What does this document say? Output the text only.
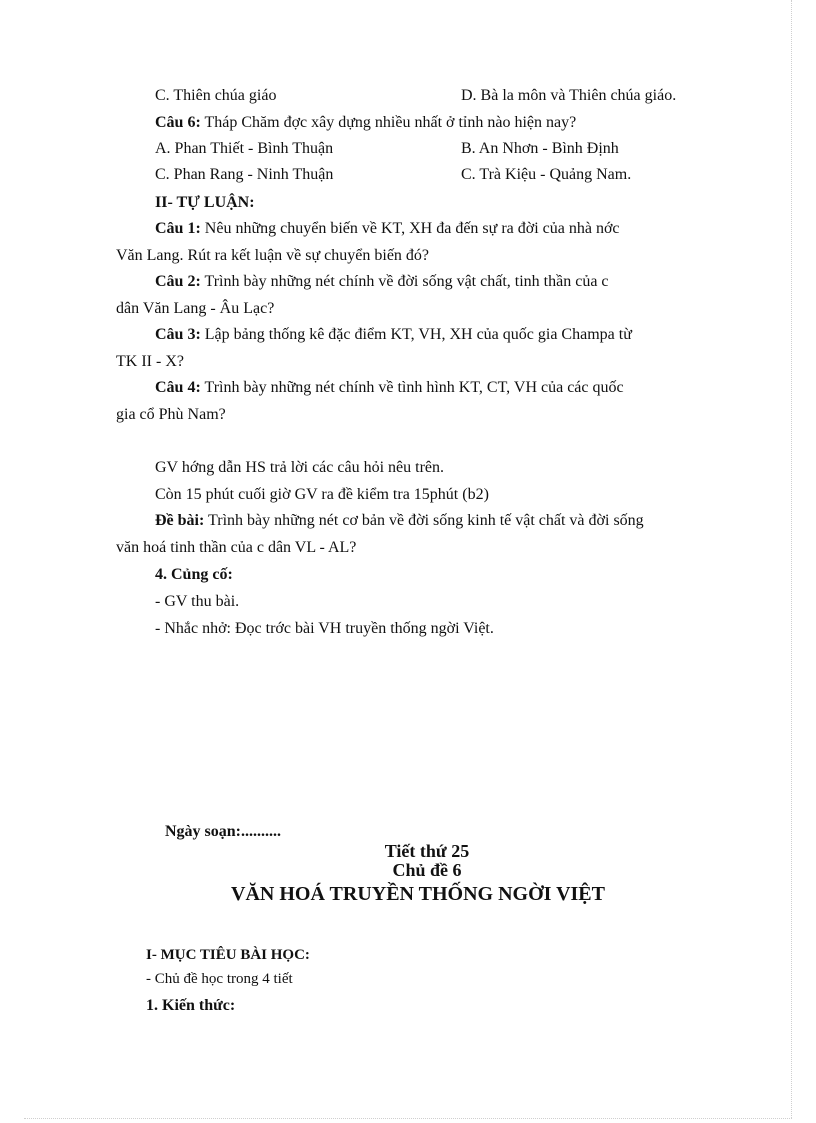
C. Thiên chúa giáo	D. Bà la môn và Thiên chúa giáo.
Câu 6: Tháp Chăm đợc xây dựng nhiều nhất ở tỉnh nào hiện nay?
A. Phan Thiết - Bình Thuận	B. An Nhơn - Bình Định
C. Phan Rang - Ninh Thuận	C. Trà Kiệu - Quảng Nam.
II- TỰ LUẬN:
Câu 1: Nêu những chuyển biến về KT, XH đa đến sự ra đời của nhà nớc
Văn Lang. Rút ra kết luận về sự chuyển biến đó?
Câu 2: Trình bày những nét chính về đời sống vật chất, tinh thần của c
dân Văn Lang - Âu Lạc?
Câu 3: Lập bảng thống kê đặc điểm KT, VH, XH của quốc gia Champa từ
TK II - X?
Câu 4: Trình bày những nét chính về tình hình KT, CT, VH của các quốc
gia cổ Phù Nam?
GV hớng dẫn HS trả lời các câu hỏi nêu trên.
Còn 15 phút cuối giờ GV ra đề kiểm tra 15phút (b2)
Đề bài: Trình bày những nét cơ bản về đời sống kinh tế vật chất và đời sống
văn hoá tinh thần của c dân VL - AL?
4. Củng cố:
- GV thu bài.
- Nhắc nhở: Đọc trớc bài VH truyền thống ngời Việt.
Ngày soạn:..........
Tiết thứ 25
Chủ đề 6
VĂN HOÁ TRUYỀN THỐNG NGỜI VIỆT
I- MỤC TIÊU BÀI HỌC:
- Chủ đề học trong 4 tiết
1. Kiến thức:
